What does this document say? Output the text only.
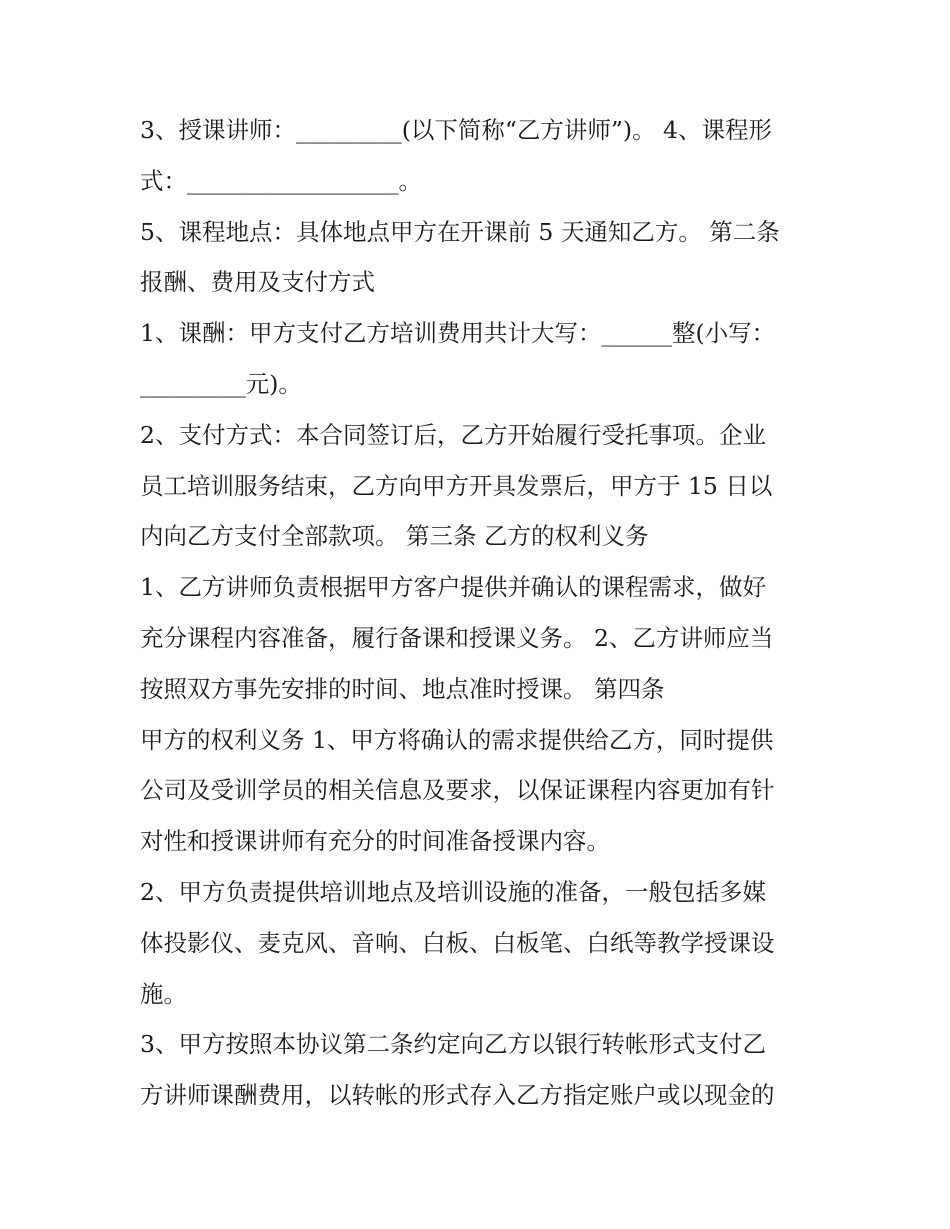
3、授课讲师：_________(以下简称“乙方讲师”)。 4、课程形
式：__________________。
5、课程地点：具体地点甲方在开课前 5 天通知乙方。 第二条
报酬、费用及支付方式
1、课酬：甲方支付乙方培训费用共计大写：______整(小写：
_________元)。
2、支付方式：本合同签订后，乙方开始履行受托事项。企业
员工培训服务结束，乙方向甲方开具发票后，甲方于 15 日以
内向乙方支付全部款项。 第三条 乙方的权利义务
1、乙方讲师负责根据甲方客户提供并确认的课程需求，做好
充分课程内容准备，履行备课和授课义务。 2、乙方讲师应当
按照双方事先安排的时间、地点准时授课。 第四条
甲方的权利义务 1、甲方将确认的需求提供给乙方，同时提供
公司及受训学员的相关信息及要求，以保证课程内容更加有针
对性和授课讲师有充分的时间准备授课内容。
2、甲方负责提供培训地点及培训设施的准备，一般包括多媒
体投影仪、麦克风、音响、白板、白板笔、白纸等教学授课设
施。
3、甲方按照本协议第二条约定向乙方以银行转帐形式支付乙
方讲师课酬费用，以转帐的形式存入乙方指定账户或以现金的
